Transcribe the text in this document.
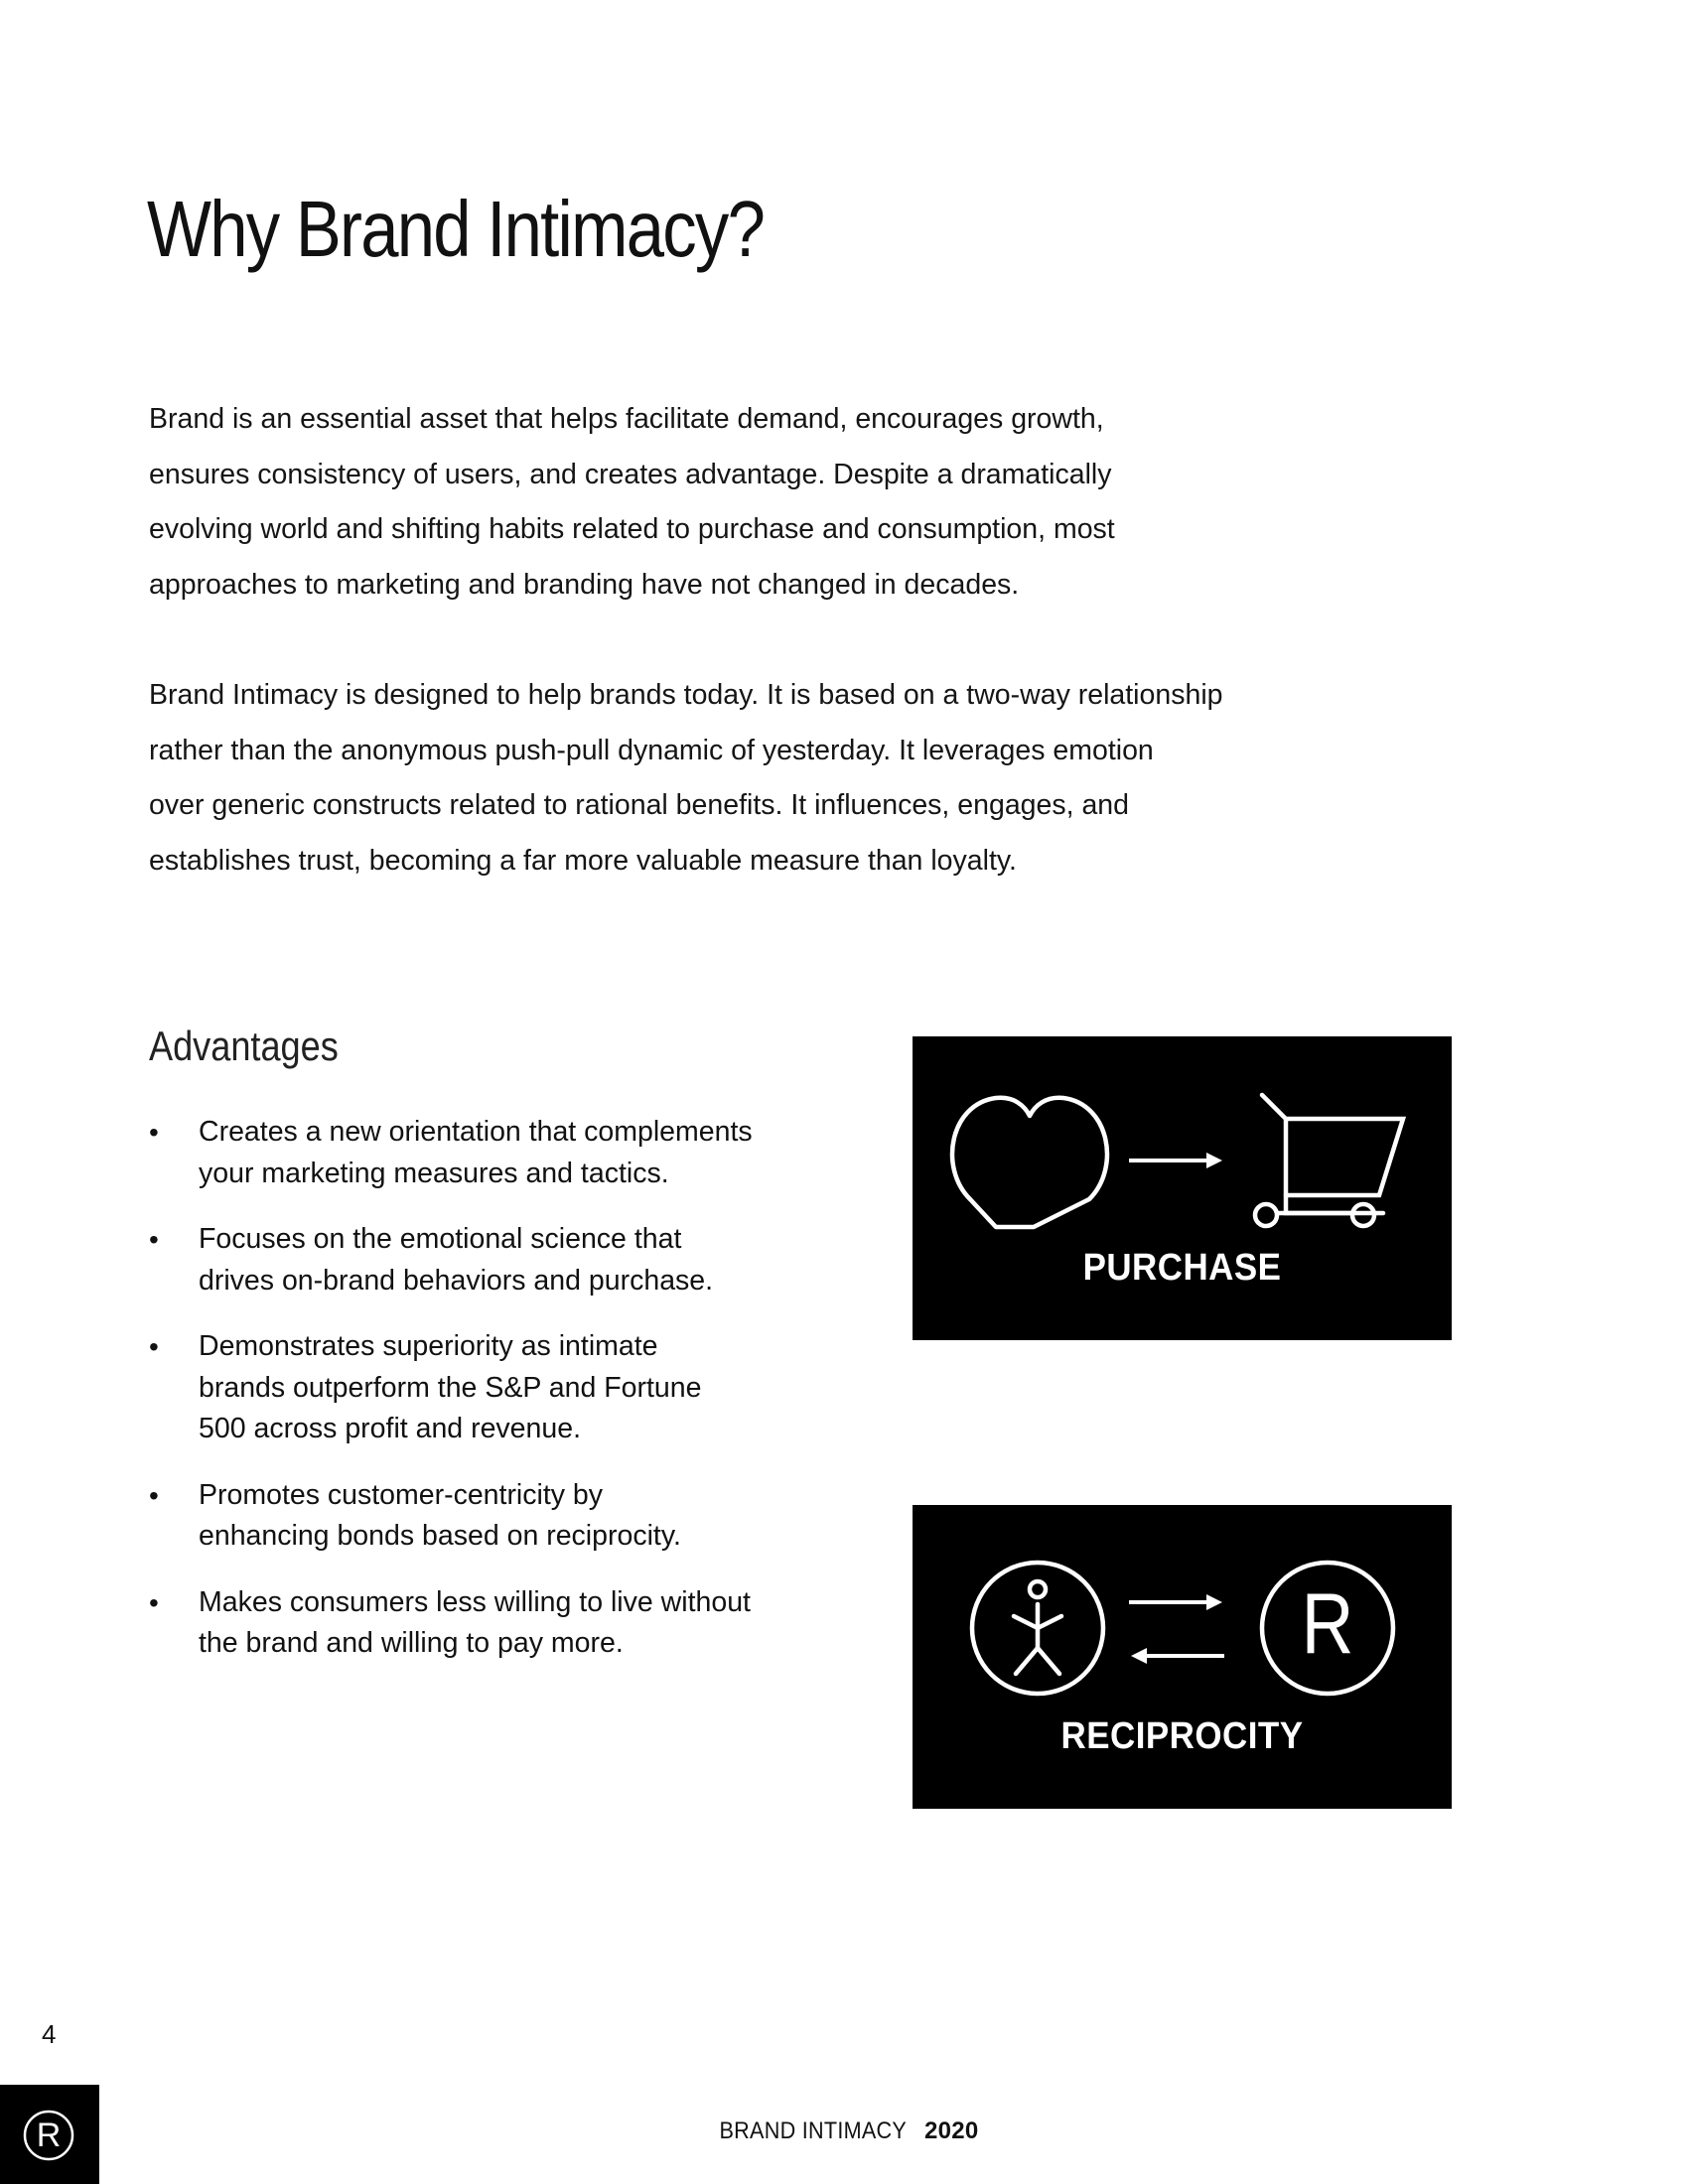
Why Brand Intimacy?
Brand is an essential asset that helps facilitate demand, encourages growth,
ensures consistency of users, and creates advantage. Despite a dramatically
evolving world and shifting habits related to purchase and consumption, most
approaches to marketing and branding have not changed in decades.
Brand Intimacy is designed to help brands today. It is based on a two-way relationship
rather than the anonymous push-pull dynamic of yesterday. It leverages emotion
over generic constructs related to rational benefits. It influences, engages, and
establishes trust, becoming a far more valuable measure than loyalty.
Advantages
• Creates a new orientation that complements
your marketing measures and tactics.
• Focuses on the emotional science that
drives on-brand behaviors and purchase.
• Demonstrates superiority as intimate
brands outperform the S&P and Fortune
500 across profit and revenue.
• Promotes customer-centricity by
enhancing bonds based on reciprocity.
• Makes consumers less willing to live without
the brand and willing to pay more.
PURCHASE
R
RECIPROCITY
4
R	BRAND INTIMACY 2020
